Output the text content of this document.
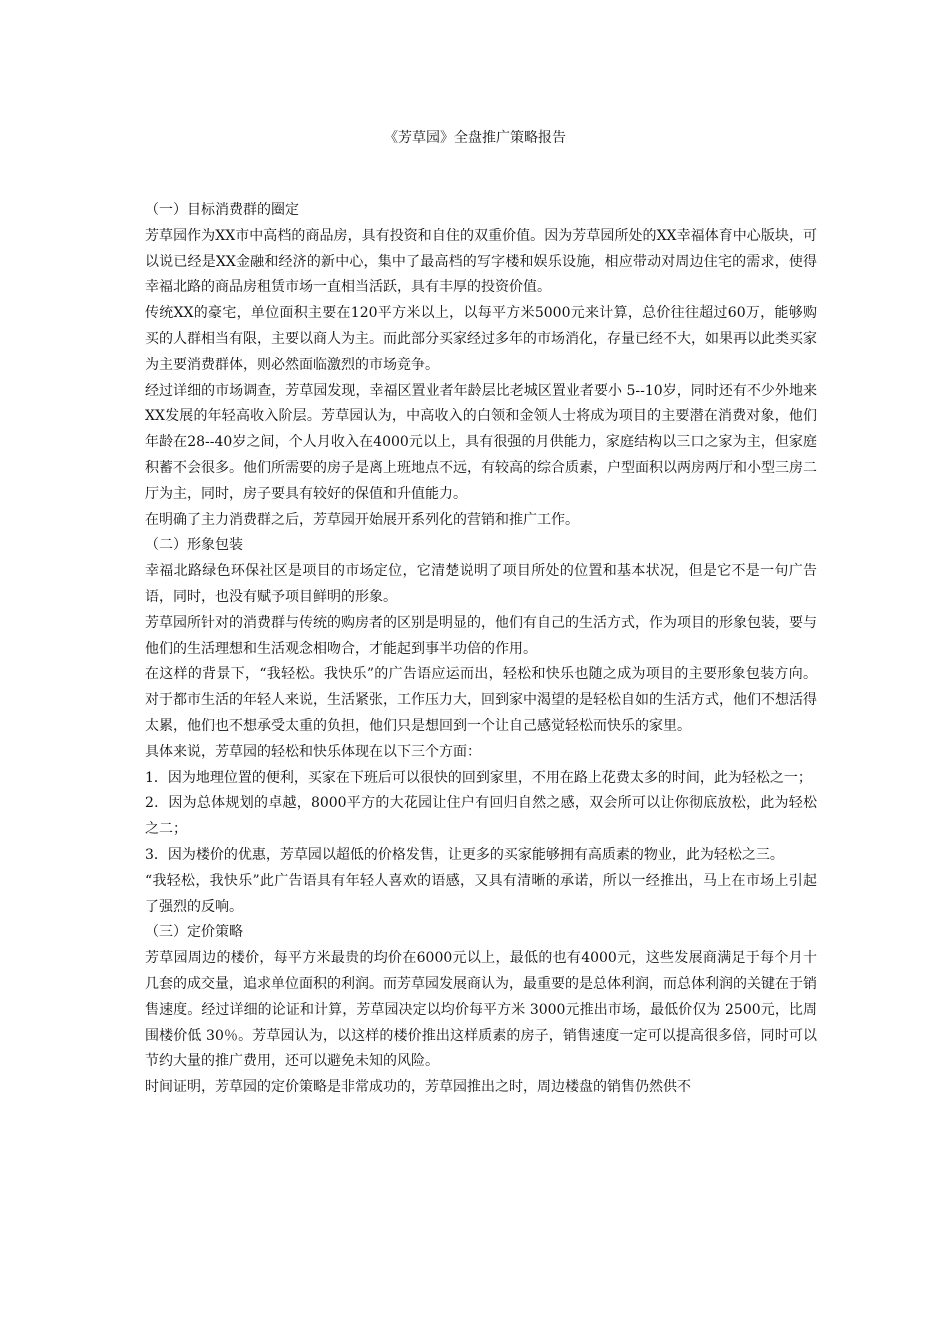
《芳草园》全盘推广策略报告

（一）目标消费群的圈定

芳草园作为XX市中高档的商品房，具有投资和自住的双重价值。因为芳草园所处的XX幸福体育中心版块，可以说已经是XX金融和经济的新中心，集中了最高档的写字楼和娱乐设施，相应带动对周边住宅的需求，使得幸福北路的商品房租赁市场一直相当活跃，具有丰厚的投资价值。

传统XX的豪宅，单位面积主要在120平方米以上，以每平方米5000元来计算，总价往往超过60万，能够购买的人群相当有限，主要以商人为主。而此部分买家经过多年的市场消化，存量已经不大，如果再以此类买家为主要消费群体，则必然面临激烈的市场竞争。

经过详细的市场调查，芳草园发现，幸福区置业者年龄层比老城区置业者要小 5--10岁，同时还有不少外地来XX发展的年轻高收入阶层。芳草园认为，中高收入的白领和金领人士将成为项目的主要潜在消费对象，他们年龄在28--40岁之间，个人月收入在4000元以上，具有很强的月供能力，家庭结构以三口之家为主，但家庭积蓄不会很多。他们所需要的房子是离上班地点不远，有较高的综合质素，户型面积以两房两厅和小型三房二厅为主，同时，房子要具有较好的保值和升值能力。

在明确了主力消费群之后，芳草园开始展开系列化的营销和推广工作。

（二）形象包装

幸福北路绿色环保社区是项目的市场定位，它清楚说明了项目所处的位置和基本状况，但是它不是一句广告语，同时，也没有赋予项目鲜明的形象。

芳草园所针对的消费群与传统的购房者的区别是明显的，他们有自己的生活方式，作为项目的形象包装，要与他们的生活理想和生活观念相吻合，才能起到事半功倍的作用。

在这样的背景下，“我轻松。我快乐”的广告语应运而出，轻松和快乐也随之成为项目的主要形象包装方向。对于都市生活的年轻人来说，生活紧张，工作压力大，回到家中渴望的是轻松自如的生活方式，他们不想活得太累，他们也不想承受太重的负担，他们只是想回到一个让自己感觉轻松而快乐的家里。

具体来说，芳草园的轻松和快乐体现在以下三个方面：

1．因为地理位置的便利，买家在下班后可以很快的回到家里，不用在路上花费太多的时间，此为轻松之一；

2．因为总体规划的卓越，8000平方的大花园让住户有回归自然之感，双会所可以让你彻底放松，此为轻松之二；

3．因为楼价的优惠，芳草园以超低的价格发售，让更多的买家能够拥有高质素的物业，此为轻松之三。

“我轻松，我快乐”此广告语具有年轻人喜欢的语感，又具有清晰的承诺，所以一经推出，马上在市场上引起了强烈的反响。

（三）定价策略

芳草园周边的楼价，每平方米最贵的均价在6000元以上，最低的也有4000元，这些发展商满足于每个月十几套的成交量，追求单位面积的利润。而芳草园发展商认为，最重要的是总体利润，而总体利润的关键在于销售速度。经过详细的论证和计算，芳草园决定以均价每平方米 3000元推出市场，最低价仅为 2500元，比周围楼价低 30％。芳草园认为，以这样的楼价推出这样质素的房子，销售速度一定可以提高很多倍，同时可以节约大量的推广费用，还可以避免未知的风险。

时间证明，芳草园的定价策略是非常成功的，芳草园推出之时，周边楼盘的销售仍然供不
